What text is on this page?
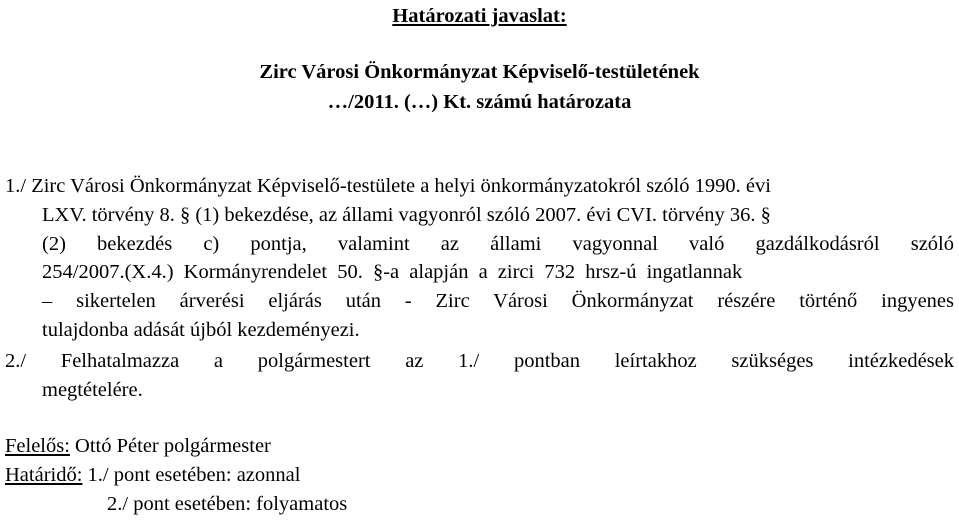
Határozati javaslat:
Zirc Városi Önkormányzat Képviselő-testületének
…/2011. (…) Kt. számú határozata
1./ Zirc Városi Önkormányzat Képviselő-testülete a helyi önkormányzatokról szóló 1990. évi
LXV. törvény 8. § (1) bekezdése, az állami vagyonról szóló 2007. évi CVI. törvény 36. §
(2) bekezdés c) pontja, valamint az állami vagyonnal való gazdálkodásról szóló
254/2007.(X.4.) Kormányrendelet 50. §-a alapján a zirci 732 hrsz-ú ingatlannak
– sikertelen árverési eljárás után - Zirc Városi Önkormányzat részére történő ingyenes
tulajdonba adását újból kezdeményezi.
2./ Felhatalmazza a polgármestert az 1./ pontban leírtakhoz szükséges intézkedések
megtételére.
Felelős: Ottó Péter polgármester
Határidő: 1./ pont esetében: azonnal
2./ pont esetében: folyamatos
